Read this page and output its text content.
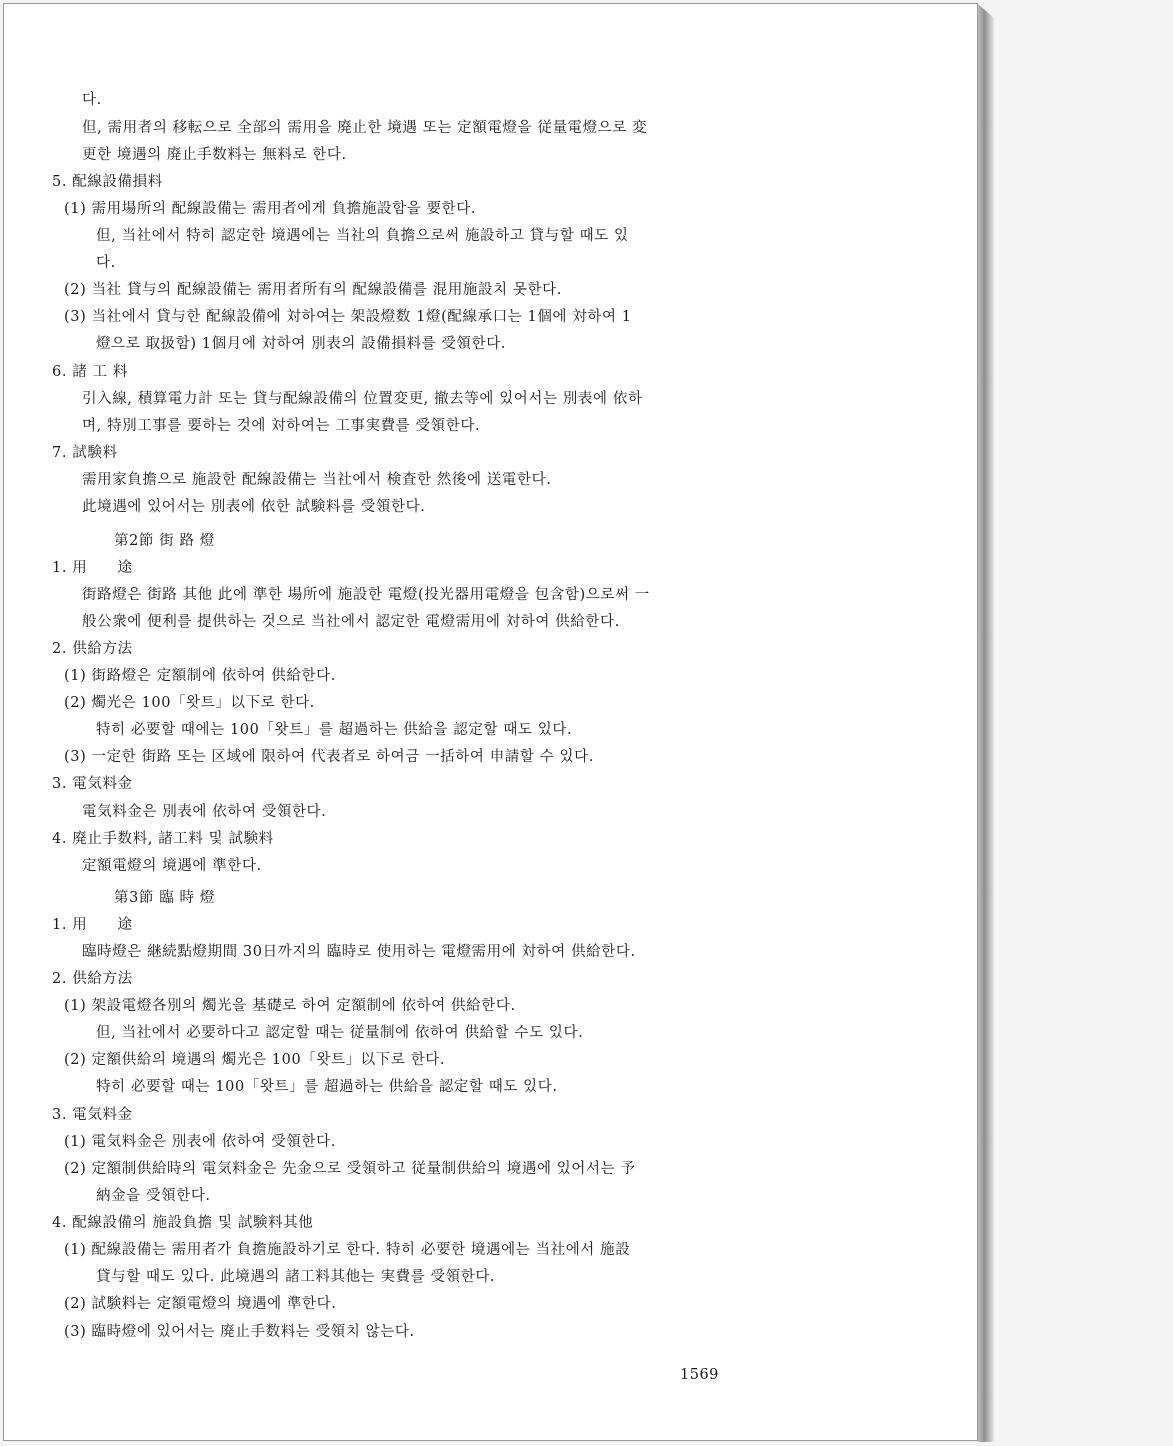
다.
但, 需用者의 移転으로 全部의 需用을 廃止한 境遇 또는 定額電燈을 従量電燈으로 変
更한 境遇의 廃止手数料는 無料로 한다.
5. 配線設備損料
(1) 需用場所의 配線設備는 需用者에게 負擔施設함을 要한다.
但, 当社에서 特히 認定한 境遇에는 当社의 負擔으로써 施設하고 貸与할 때도 있
다.
(2) 当社 貸与의 配線設備는 需用者所有의 配線設備를 混用施設치 못한다.
(3) 当社에서 貸与한 配線設備에 対하여는 架設燈数 1燈(配線承口는 1個에 対하여 1
燈으로 取扱함) 1個月에 対하여 別表의 設備損料를 受領한다.
6. 諸 工 料
引入線, 積算電力計 또는 貸与配線設備의 位置変更, 撤去等에 있어서는 別表에 依하
며, 特別工事를 要하는 것에 対하여는 工事実費를 受領한다.
7. 試験料
需用家負擔으로 施設한 配線設備는 当社에서 検査한 然後에 送電한다.
此境遇에 있어서는 別表에 依한 試験料를 受領한다.
第2節 街 路 燈
1. 用　　途
街路燈은 街路 其他 此에 準한 場所에 施設한 電燈(投光器用電燈을 包含함)으로써 一
般公衆에 便利를 提供하는 것으로 当社에서 認定한 電燈需用에 対하여 供給한다.
2. 供給方法
(1) 街路燈은 定額制에 依하여 供給한다.
(2) 燭光은 100「왓트」以下로 한다.
特히 必要할 때에는 100「왓트」를 超過하는 供給을 認定할 때도 있다.
(3) 一定한 街路 또는 区域에 限하여 代表者로 하여금 一括하여 申請할 수 있다.
3. 電気料金
電気料金은 別表에 依하여 受領한다.
4. 廃止手数料, 諸工料 및 試験料
定額電燈의 境遇에 準한다.
第3節 臨 時 燈
1. 用　　途
臨時燈은 継続點燈期間 30日까지의 臨時로 使用하는 電燈需用에 対하여 供給한다.
2. 供給方法
(1) 架設電燈各別의 燭光을 基礎로 하여 定額制에 依하여 供給한다.
但, 当社에서 必要하다고 認定할 때는 従量制에 依하여 供給할 수도 있다.
(2) 定額供給의 境遇의 燭光은 100「왓트」以下로 한다.
特히 必要할 때는 100「왓트」를 超過하는 供給을 認定할 때도 있다.
3. 電気料金
(1) 電気料金은 別表에 依하여 受領한다.
(2) 定額制供給時의 電気料金은 先金으로 受領하고 従量制供給의 境遇에 있어서는 予
納金을 受領한다.
4. 配線設備의 施設負擔 및 試験料其他
(1) 配線設備는 需用者가 負擔施設하기로 한다. 特히 必要한 境遇에는 当社에서 施設
貸与할 때도 있다. 此境遇의 諸工料其他는 実費를 受領한다.
(2) 試験料는 定額電燈의 境遇에 準한다.
(3) 臨時燈에 있어서는 廃止手数料는 受領치 않는다.
1569
